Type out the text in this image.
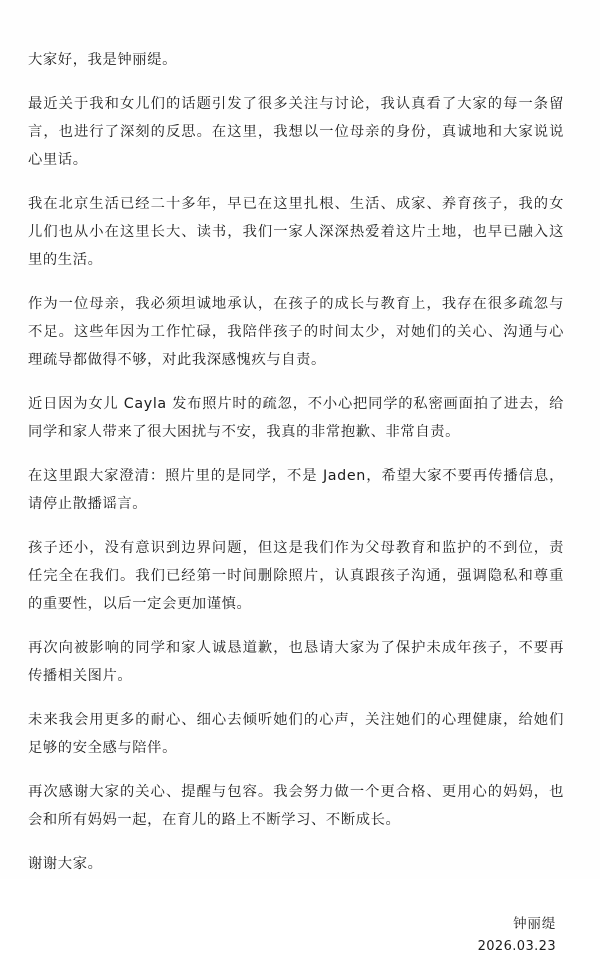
大家好，我是钟丽缇。

最近关于我和女儿们的话题引发了很多关注与讨论，我认真看了大家的每一条留言，也进行了深刻的反思。在这里，我想以一位母亲的身份，真诚地和大家说说心里话。

我在北京生活已经二十多年，早已在这里扎根、生活、成家、养育孩子，我的女儿们也从小在这里长大、读书，我们一家人深深热爱着这片土地，也早已融入这里的生活。

作为一位母亲，我必须坦诚地承认，在孩子的成长与教育上，我存在很多疏忽与不足。这些年因为工作忙碌，我陪伴孩子的时间太少，对她们的关心、沟通与心理疏导都做得不够，对此我深感愧疚与自责。

近日因为女儿 Cayla 发布照片时的疏忽，不小心把同学的私密画面拍了进去，给同学和家人带来了很大困扰与不安，我真的非常抱歉、非常自责。

在这里跟大家澄清：照片里的是同学，不是 Jaden，希望大家不要再传播信息，请停止散播谣言。

孩子还小，没有意识到边界问题，但这是我们作为父母教育和监护的不到位，责任完全在我们。我们已经第一时间删除照片，认真跟孩子沟通，强调隐私和尊重的重要性，以后一定会更加谨慎。

再次向被影响的同学和家人诚恳道歉，也恳请大家为了保护未成年孩子，不要再传播相关图片。

未来我会用更多的耐心、细心去倾听她们的心声，关注她们的心理健康，给她们足够的安全感与陪伴。

再次感谢大家的关心、提醒与包容。我会努力做一个更合格、更用心的妈妈，也会和所有妈妈一起，在育儿的路上不断学习、不断成长。

谢谢大家。

钟丽缇
2026.03.23
